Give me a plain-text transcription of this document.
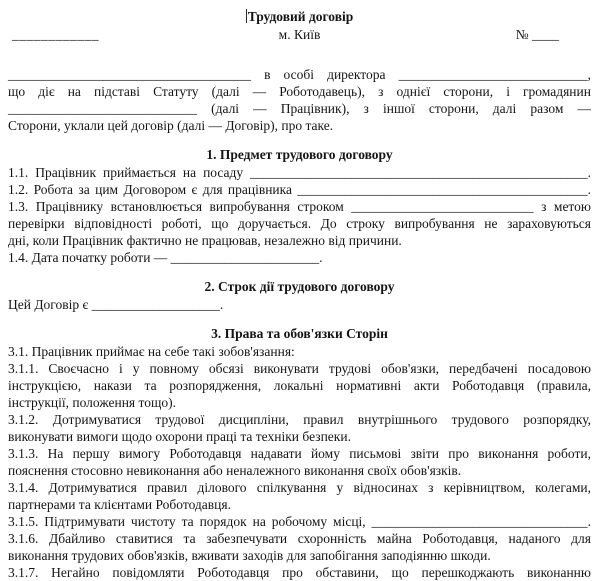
Трудовий договір
____________	м. Київ	№ ____
____________________________________ в особі директора ____________________________,
що діє на підставі Статуту (далі — Роботодавець), з однієї сторони, і громадянин
____________________________ (далі — Працівник), з іншої сторони, далі разом —
Сторони, уклали цей договір (далі — Договір), про таке.
1. Предмет трудового договору
1.1. Працівник приймається на посаду __________________________________________________.
1.2. Робота за цим Договором є для працівника ___________________________________________.
1.3. Працівнику встановлюється випробування строком ___________________________ з метою
перевірки відповідності роботі, що доручається. До строку випробування не зараховуються
дні, коли Працівник фактично не працював, незалежно від причини.
1.4. Дата початку роботи — ______________________.
2. Строк дії трудового договору
Цей Договір є ___________________.
3. Права та обов'язки Сторін
3.1. Працівник приймає на себе такі зобов'язання:
3.1.1. Своєчасно і у повному обсязі виконувати трудові обов'язки, передбачені посадовою
інструкцією, накази та розпорядження, локальні нормативні акти Роботодавця (правила,
інструкції, положення тощо).
3.1.2. Дотримуватися трудової дисципліни, правил внутрішнього трудового розпорядку,
виконувати вимоги щодо охорони праці та техніки безпеки.
3.1.3. На першу вимогу Роботодавця надавати йому письмові звіти про виконання роботи,
пояснення стосовно невиконання або неналежного виконання своїх обов'язків.
3.1.4. Дотримуватися правил ділового спілкування у відносинах з керівництвом, колегами,
партнерами та клієнтами Роботодавця.
3.1.5. Підтримувати чистоту та порядок на робочому місці, ________________________________.
3.1.6. Дбайливо ставитися та забезпечувати схоронність майна Роботодавця, наданого для
виконання трудових обов'язків, вживати заходів для запобігання заподіянню шкоди.
3.1.7. Негайно повідомляти Роботодавця про обставини, що перешкоджають виконанню
